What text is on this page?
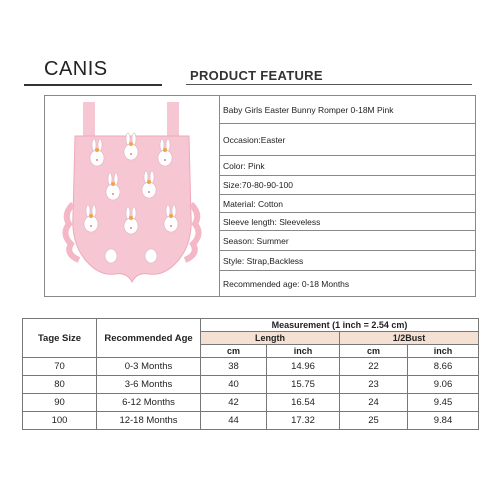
CANIS	PRODUCT FEATURE
Baby Girls Easter Bunny Romper 0-18M Pink
Occasion:Easter
Color: Pink
Size:70-80-90-100
Material: Cotton
Sleeve length: Sleeveless
Season: Summer
Style: Strap,Backless
Recommended age: 0-18 Months
Tage Size	Recommended Age	Measurement (1 inch = 2.54 cm)			
		Length		1/2Bust	
		cm	inch	cm	inch
70	0-3 Months	38	14.96	22	8.66
80	3-6 Months	40	15.75	23	9.06
90	6-12 Months	42	16.54	24	9.45
100	12-18 Months	44	17.32	25	9.84
